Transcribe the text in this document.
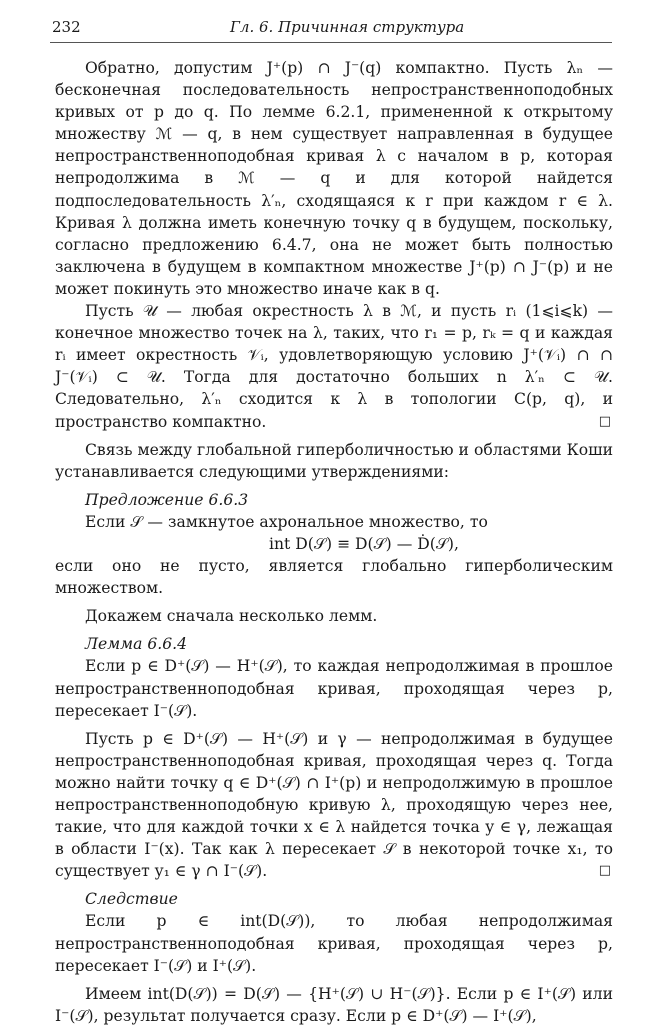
232	Гл. 6. Причинная структура

Обратно, допустим J⁺(p) ∩ J⁻(q) компактно. Пусть λₙ — бесконечная последовательность непространственноподобных кривых от p до q. По лемме 6.2.1, примененной к открытому множеству ℳ — q, в нем существует направленная в будущее непространственноподобная кривая λ с началом в p, которая непродолжима в ℳ — q и для которой найдется подпоследовательность λ′ₙ, сходящаяся к r при каждом r ∈ λ. Кривая λ должна иметь конечную точку q в будущем, поскольку, согласно предложению 6.4.7, она не может быть полностью заключена в будущем в компактном множестве J⁺(p) ∩ J⁻(p) и не может покинуть это множество иначе как в q.

Пусть 𝒰 — любая окрестность λ в ℳ, и пусть rᵢ (1⩽i⩽k) — конечное множество точек на λ, таких, что r₁ = p, rₖ = q и каждая rᵢ имеет окрестность 𝒱ᵢ, удовлетворяющую условию J⁺(𝒱ᵢ) ∩ ∩ J⁻(𝒱ᵢ) ⊂ 𝒰. Тогда для достаточно больших n λ′ₙ ⊂ 𝒰. Следовательно, λ′ₙ сходится к λ в топологии C(p, q), и пространство компактно.	□

Связь между глобальной гиперболичностью и областями Коши устанавливается следующими утверждениями:

Предложение 6.6.3

Если 𝒮 — замкнутое ахрональное множество, то

int D(𝒮) ≡ D(𝒮) — Ḋ(𝒮),

если оно не пусто, является глобально гиперболическим множеством.

Докажем сначала несколько лемм.

Лемма 6.6.4

Если p ∈ D⁺(𝒮) — H⁺(𝒮), то каждая непродолжимая в прошлое непространственноподобная кривая, проходящая через p, пересекает I⁻(𝒮).

Пусть p ∈ D⁺(𝒮) — H⁺(𝒮) и γ — непродолжимая в будущее непространственноподобная кривая, проходящая через q. Тогда можно найти точку q ∈ D⁺(𝒮) ∩ I⁺(p) и непродолжимую в прошлое непространственноподобную кривую λ, проходящую через нее, такие, что для каждой точки x ∈ λ найдется точка y ∈ γ, лежащая в области I⁻(x). Так как λ пересекает 𝒮 в некоторой точке x₁, то существует y₁ ∈ γ ∩ I⁻(𝒮).	□

Следствие

Если p ∈ int(D(𝒮)), то любая непродолжимая непространственноподобная кривая, проходящая через p, пересекает I⁻(𝒮) и I⁺(𝒮).

Имеем int(D(𝒮)) = D(𝒮) — {H⁺(𝒮) ∪ H⁻(𝒮)}. Если p ∈ I⁺(𝒮) или I⁻(𝒮), результат получается сразу. Если p ∈ D⁺(𝒮) — I⁺(𝒮),
